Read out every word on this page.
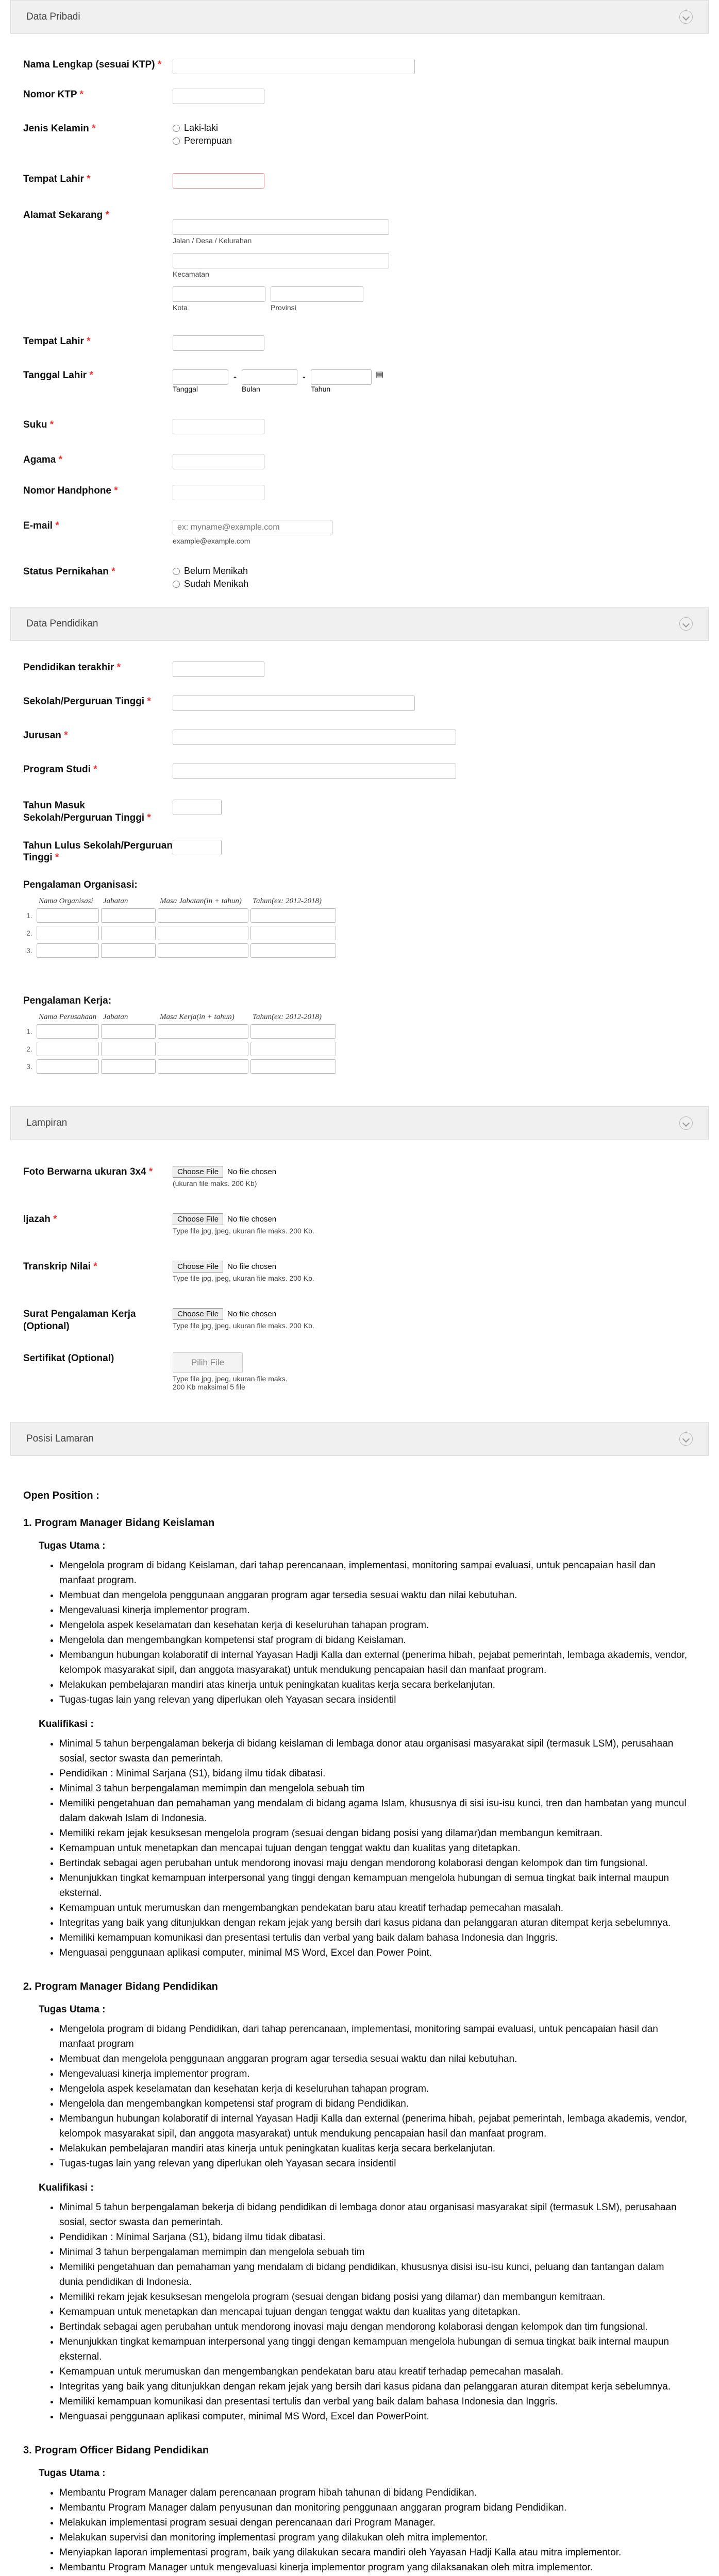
Data Pribadi
Nama Lengkap (sesuai KTP) *
Nomor KTP *
Jenis Kelamin *	Laki-laki
Perempuan
Tempat Lahir *
Alamat Sekarang *
Jalan / Desa / Kelurahan
Kecamatan
Kota	Provinsi
Tempat Lahir *
Tanggal Lahir *
Tanggal
-
Bulan
-
Tahun
▤
Suku *
Agama *
Nomor Handphone *
E-mail *
ex: myname@example.com
example@example.com
Status Pernikahan *	Belum Menikah
Sudah Menikah
Data Pendidikan
Pendidikan terakhir *
Sekolah/Perguruan Tinggi *
Jurusan *
Program Studi *
Tahun Masuk Sekolah/Perguruan Tinggi *
Tahun Lulus Sekolah/Perguruan Tinggi *
Pengalaman Organisasi:
	Nama Organisasi	Jabatan	Masa Jabatan(in + tahun)	Tahun(ex: 2012-2018)
1.				
2.				
3.				
Pengalaman Kerja:
	Nama Perusahaan	Jabatan	Masa Kerja(in + tahun)	Tahun(ex: 2012-2018)
1.				
2.				
3.				
Lampiran
Foto Berwarna ukuran 3x4 *	Choose File	No file chosen
(ukuran file maks. 200 Kb)
Ijazah *	Choose File	No file chosen
Type file jpg, jpeg, ukuran file maks. 200 Kb.
Transkrip Nilai *	Choose File	No file chosen
Type file jpg, jpeg, ukuran file maks. 200 Kb.
Surat Pengalaman Kerja (Optional)
Choose File	No file chosen
Type file jpg, jpeg, ukuran file maks. 200 Kb.
Sertifikat (Optional)	Pilih File
Type file jpg, jpeg, ukuran file maks. 200 Kb maksimal 5 file
Posisi Lamaran
Open Position :
1. Program Manager Bidang Keislaman
Tugas Utama :
• Mengelola program di bidang Keislaman, dari tahap perencanaan, implementasi, monitoring sampai evaluasi, untuk pencapaian hasil dan manfaat program.
• Membuat dan mengelola penggunaan anggaran program agar tersedia sesuai waktu dan nilai kebutuhan.
• Mengevaluasi kinerja implementor program.
• Mengelola aspek keselamatan dan kesehatan kerja di keseluruhan tahapan program.
• Mengelola dan mengembangkan kompetensi staf program di bidang Keislaman.
• Membangun hubungan kolaboratif di internal Yayasan Hadji Kalla dan external (penerima hibah, pejabat pemerintah, lembaga akademis, vendor, kelompok masyarakat sipil, dan anggota masyarakat) untuk mendukung pencapaian hasil dan manfaat program.
• Melakukan pembelajaran mandiri atas kinerja untuk peningkatan kualitas kerja secara berkelanjutan.
• Tugas-tugas lain yang relevan yang diperlukan oleh Yayasan secara insidentil
Kualifikasi :
• Minimal 5 tahun berpengalaman bekerja di bidang keislaman di lembaga donor atau organisasi masyarakat sipil (termasuk LSM), perusahaan sosial, sector swasta dan pemerintah.
• Pendidikan : Minimal Sarjana (S1), bidang ilmu tidak dibatasi.
• Minimal 3 tahun berpengalaman memimpin dan mengelola sebuah tim
• Memiliki pengetahuan dan pemahaman yang mendalam di bidang agama Islam, khususnya di sisi isu-isu kunci, tren dan hambatan yang muncul dalam dakwah Islam di Indonesia.
• Memiliki rekam jejak kesuksesan mengelola program (sesuai dengan bidang posisi yang dilamar)dan membangun kemitraan.
• Kemampuan untuk menetapkan dan mencapai tujuan dengan tenggat waktu dan kualitas yang ditetapkan.
• Bertindak sebagai agen perubahan untuk mendorong inovasi maju dengan mendorong kolaborasi dengan kelompok dan tim fungsional.
• Menunjukkan tingkat kemampuan interpersonal yang tinggi dengan kemampuan mengelola hubungan di semua tingkat baik internal maupun eksternal.
• Kemampuan untuk merumuskan dan mengembangkan pendekatan baru atau kreatif terhadap pemecahan masalah.
• Integritas yang baik yang ditunjukkan dengan rekam jejak yang bersih dari kasus pidana dan pelanggaran aturan ditempat kerja sebelumnya.
• Memiliki kemampuan komunikasi dan presentasi tertulis dan verbal yang baik dalam bahasa Indonesia dan Inggris.
• Menguasai penggunaan aplikasi computer, minimal MS Word, Excel dan Power Point.
2. Program Manager Bidang Pendidikan
Tugas Utama :
• Mengelola program di bidang Pendidikan, dari tahap perencanaan, implementasi, monitoring sampai evaluasi, untuk pencapaian hasil dan manfaat program
• Membuat dan mengelola penggunaan anggaran program agar tersedia sesuai waktu dan nilai kebutuhan.
• Mengevaluasi kinerja implementor program.
• Mengelola aspek keselamatan dan kesehatan kerja di keseluruhan tahapan program.
• Mengelola dan mengembangkan kompetensi staf program di bidang Pendidikan.
• Membangun hubungan kolaboratif di internal Yayasan Hadji Kalla dan external (penerima hibah, pejabat pemerintah, lembaga akademis, vendor, kelompok masyarakat sipil, dan anggota masyarakat) untuk mendukung pencapaian hasil dan manfaat program.
• Melakukan pembelajaran mandiri atas kinerja untuk peningkatan kualitas kerja secara berkelanjutan.
• Tugas-tugas lain yang relevan yang diperlukan oleh Yayasan secara insidentil
Kualifikasi :
• Minimal 5 tahun berpengalaman bekerja di bidang pendidikan di lembaga donor atau organisasi masyarakat sipil (termasuk LSM), perusahaan sosial, sector swasta dan pemerintah.
• Pendidikan : Minimal Sarjana (S1), bidang ilmu tidak dibatasi.
• Minimal 3 tahun berpengalaman memimpin dan mengelola sebuah tim
• Memiliki pengetahuan dan pemahaman yang mendalam di bidang pendidikan, khususnya disisi isu-isu kunci, peluang dan tantangan dalam dunia pendidikan di Indonesia.
• Memiliki rekam jejak kesuksesan mengelola program (sesuai dengan bidang posisi yang dilamar) dan membangun kemitraan.
• Kemampuan untuk menetapkan dan mencapai tujuan dengan tenggat waktu dan kualitas yang ditetapkan.
• Bertindak sebagai agen perubahan untuk mendorong inovasi maju dengan mendorong kolaborasi dengan kelompok dan tim fungsional.
• Menunjukkan tingkat kemampuan interpersonal yang tinggi dengan kemampuan mengelola hubungan di semua tingkat baik internal maupun eksternal.
• Kemampuan untuk merumuskan dan mengembangkan pendekatan baru atau kreatif terhadap pemecahan masalah.
• Integritas yang baik yang ditunjukkan dengan rekam jejak yang bersih dari kasus pidana dan pelanggaran aturan ditempat kerja sebelumnya.
• Memiliki kemampuan komunikasi dan presentasi tertulis dan verbal yang baik dalam bahasa Indonesia dan Inggris.
• Menguasai penggunaan aplikasi computer, minimal MS Word, Excel dan PowerPoint.
3. Program Officer Bidang Pendidikan
Tugas Utama :
• Membantu Program Manager dalam perencanaan program hibah tahunan di bidang Pendidikan.
• Membantu Program Manager dalam penyusunan dan monitoring penggunaan anggaran program bidang Pendidikan.
• Melakukan implementasi program sesuai dengan perencanaan dari Program Manager.
• Melakukan supervisi dan monitoring implementasi program yang dilakukan oleh mitra implementor.
• Menyiapkan laporan implementasi program, baik yang dilakukan secara mandiri oleh Yayasan Hadji Kalla atau mitra implementor.
• Membantu Program Manager untuk mengevaluasi kinerja implementor program yang dilaksanakan oleh mitra implementor.
•
